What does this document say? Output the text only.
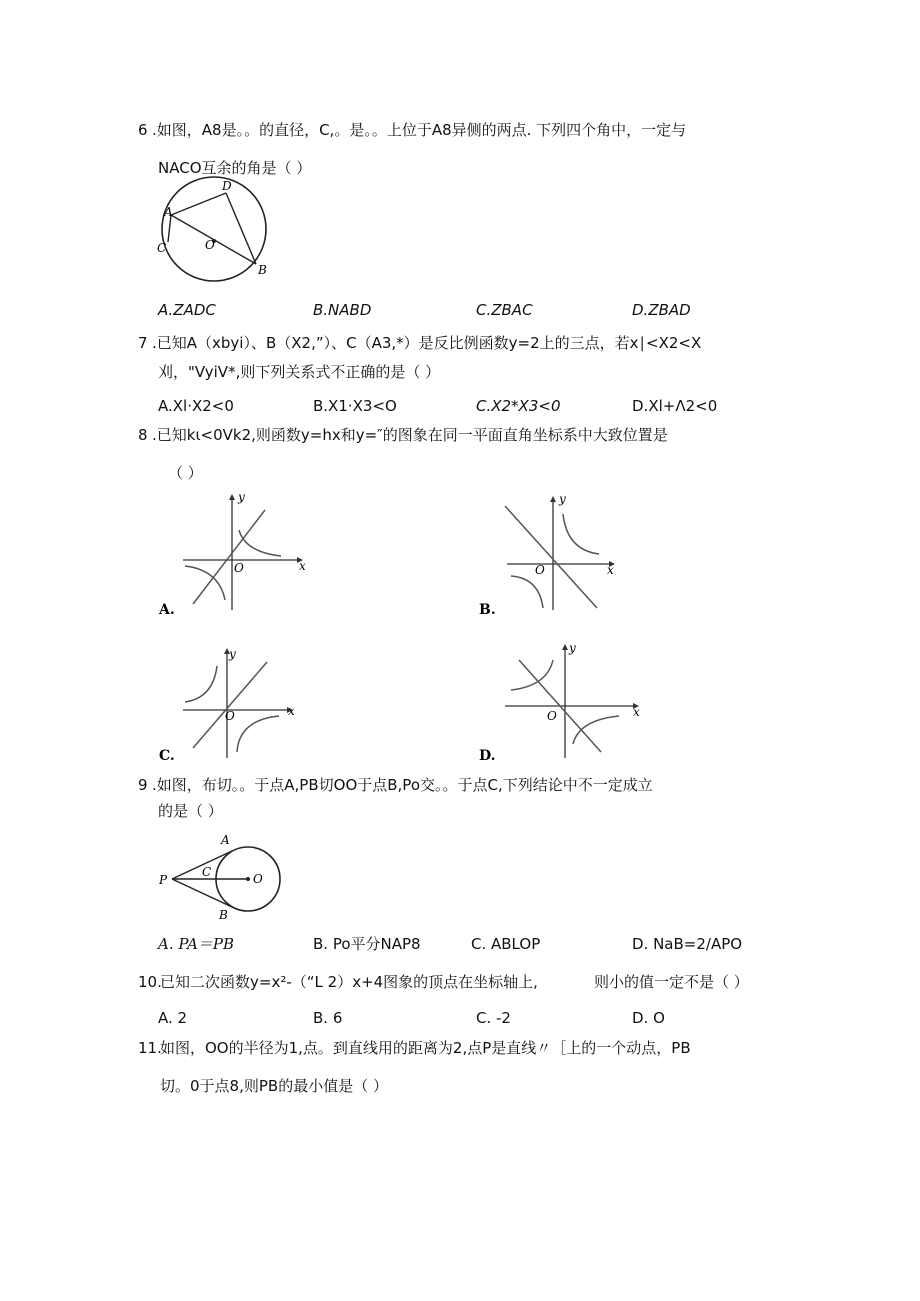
6 .如图，A8是。。的直径，C,。是。。上位于A8异侧的两点. 下列四个角中，一定与
NACO互余的角是（ ）
A
D
C	O
B
A.ZADC	B.NABD	C.ZBAC	D.ZBAD
7 .已知A（xbyi）、B（X2,”）、C（A3,*）是反比例函数y=2上的三点，若x∣<X2<X
刈，"VyiV*,则下列关系式不正确的是（ ）
A.Xl·X2<0	B.X1·X3<O	C.X2*X3<0	D.Xl+Λ2<0
8 .已知kι<0Vk2,则函数y=hx和y=″的图象在同一平面直角坐标系中大致位置是
（ ）
y
x
O
A.
y
x
O
B.
y
x
O
C.
y
x
O
D.
9 .如图，布切。。于点A,PB切OO于点B,Po交。。于点C,下列结论中不一定成立
的是（ ）
P
A
C	O
B
A. PA＝PB	B. Po平分NAP8	C. ABLOP	D. NaB=2/APO
10.
已知二次函数y=x²-（“L 2）x+4图象的顶点在坐标轴上,	则小的值一定不是（ ）
A. 2	B. 6	C. -2	D. O
11.
如图，OO的半径为1,点。到直线用的距离为2,点P是直线〃［上的一个动点，PB
切。0于点8,则PB的最小值是（ ）
